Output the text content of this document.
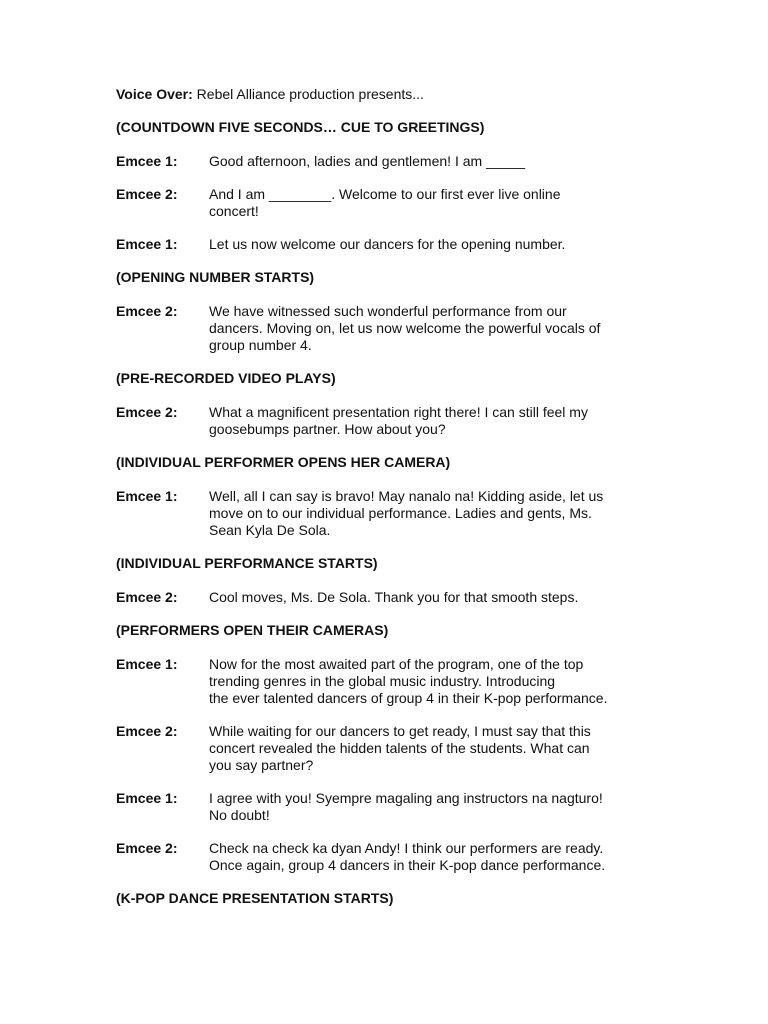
Voice Over: Rebel Alliance production presents...
(COUNTDOWN FIVE SECONDS… CUE TO GREETINGS)
Emcee 1:	Good afternoon, ladies and gentlemen! I am _____
Emcee 2:	And I am ________. Welcome to our first ever live online
concert!
Emcee 1:	Let us now welcome our dancers for the opening number.
(OPENING NUMBER STARTS)
Emcee 2:	We have witnessed such wonderful performance from our
dancers. Moving on, let us now welcome the powerful vocals of
group number 4.
(PRE-RECORDED VIDEO PLAYS)
Emcee 2:	What a magnificent presentation right there! I can still feel my
goosebumps partner. How about you?
(INDIVIDUAL PERFORMER OPENS HER CAMERA)
Emcee 1:	Well, all I can say is bravo! May nanalo na! Kidding aside, let us
move on to our individual performance. Ladies and gents, Ms.
Sean Kyla De Sola.
(INDIVIDUAL PERFORMANCE STARTS)
Emcee 2:	Cool moves, Ms. De Sola. Thank you for that smooth steps.
(PERFORMERS OPEN THEIR CAMERAS)
Emcee 1:	Now for the most awaited part of the program, one of the top
trending genres in the global music industry. Introducing
the ever talented dancers of group 4 in their K-pop performance.
Emcee 2:	While waiting for our dancers to get ready, I must say that this
concert revealed the hidden talents of the students. What can
you say partner?
Emcee 1:	I agree with you! Syempre magaling ang instructors na nagturo!
No doubt!
Emcee 2:	Check na check ka dyan Andy! I think our performers are ready.
Once again, group 4 dancers in their K-pop dance performance.
(K-POP DANCE PRESENTATION STARTS)
